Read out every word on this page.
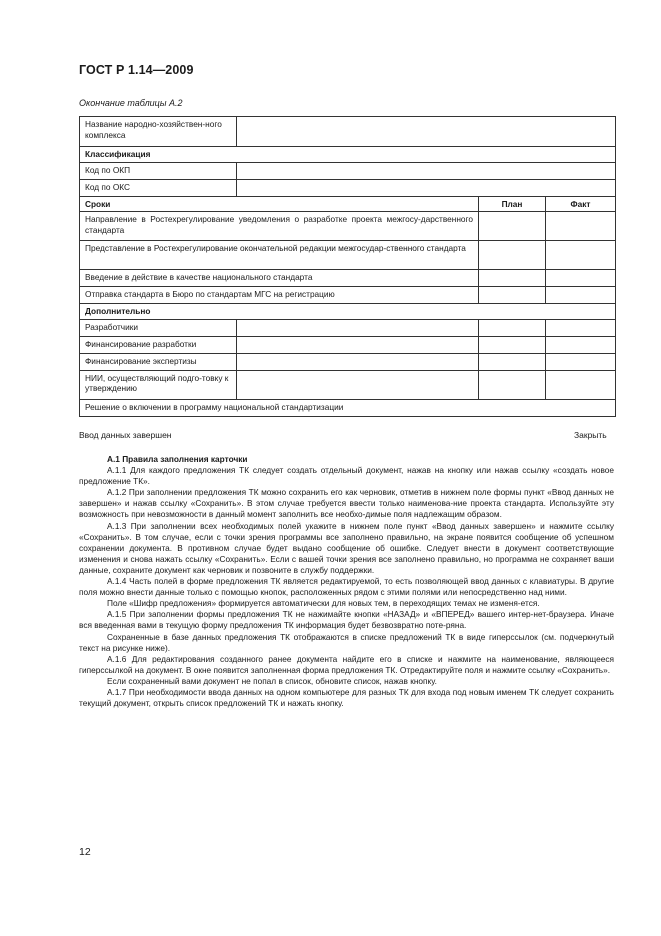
ГОСТ Р 1.14—2009
Окончание таблицы А.2
Название народно-хозяйствен-ного комплекса			
Классификация			
Код по ОКП			
Код по ОКС			
Сроки		План	Факт
Направление в Ростехрегулирование уведомления о разработке проекта межгосу-дарственного стандарта			
Представление в Ростехрегулирование окончательной редакции межгосудар-ственного стандарта			
Введение в действие в качестве национального стандарта			
Отправка стандарта в Бюро по стандартам МГС на регистрацию			
Дополнительно			
Разработчики			
Финансирование разработки			
Финансирование экспертизы			
НИИ, осуществляющий подго-товку к утверждению			
Решение о включении в программу национальной стандартизации			
Ввод данных завершен	Закрыть

А.1 Правила заполнения карточки

А.1.1 Для каждого предложения ТК следует создать отдельный документ, нажав на кнопку или нажав ссылку «создать новое предложение ТК».

А.1.2 При заполнении предложения ТК можно сохранить его как черновик, отметив в нижнем поле формы пункт «Ввод данных не завершен» и нажав ссылку «Сохранить». В этом случае требуется ввести только наименова-ние проекта стандарта. Используйте эту возможность при невозможности в данный момент заполнить все необхо-димые поля надлежащим образом.

А.1.3 При заполнении всех необходимых полей укажите в нижнем поле пункт «Ввод данных завершен» и нажмите ссылку «Сохранить». В том случае, если с точки зрения программы все заполнено правильно, на экране появится сообщение об успешном сохранении документа. В противном случае будет выдано сообщение об ошибке. Следует внести в документ соответствующие изменения и снова нажать ссылку «Сохранить». Если с вашей точки зрения все заполнено правильно, но программа не сохраняет ваши данные, сохраните документ как черновик и позвоните в службу поддержки.

А.1.4 Часть полей в форме предложения ТК является редактируемой, то есть позволяющей ввод данных с клавиатуры. В другие поля можно внести данные только с помощью кнопок, расположенных рядом с этими полями или непосредственно над ними.

Поле «Шифр предложения» формируется автоматически для новых тем, в переходящих темах не изменя-ется.

А.1.5 При заполнении формы предложения ТК не нажимайте кнопки «НАЗАД» и «ВПЕРЕД» вашего интер-нет-браузера. Иначе вся введенная вами в текущую форму предложения ТК информация будет безвозвратно поте-ряна.

Сохраненные в базе данных предложения ТК отображаются в списке предложений ТК в виде гиперссылок (см. подчеркнутый текст на рисунке ниже).

А.1.6 Для редактирования созданного ранее документа найдите его в списке и нажмите на наименование, являющееся гиперссылкой на документ. В окне появится заполненная форма предложения ТК. Отредактируйте поля и нажмите ссылку «Сохранить».

Если сохраненный вами документ не попал в список, обновите список, нажав кнопку.

А.1.7 При необходимости ввода данных на одном компьютере для разных ТК для входа под новым именем ТК следует сохранить текущий документ, открыть список предложений ТК и нажать кнопку.

12
